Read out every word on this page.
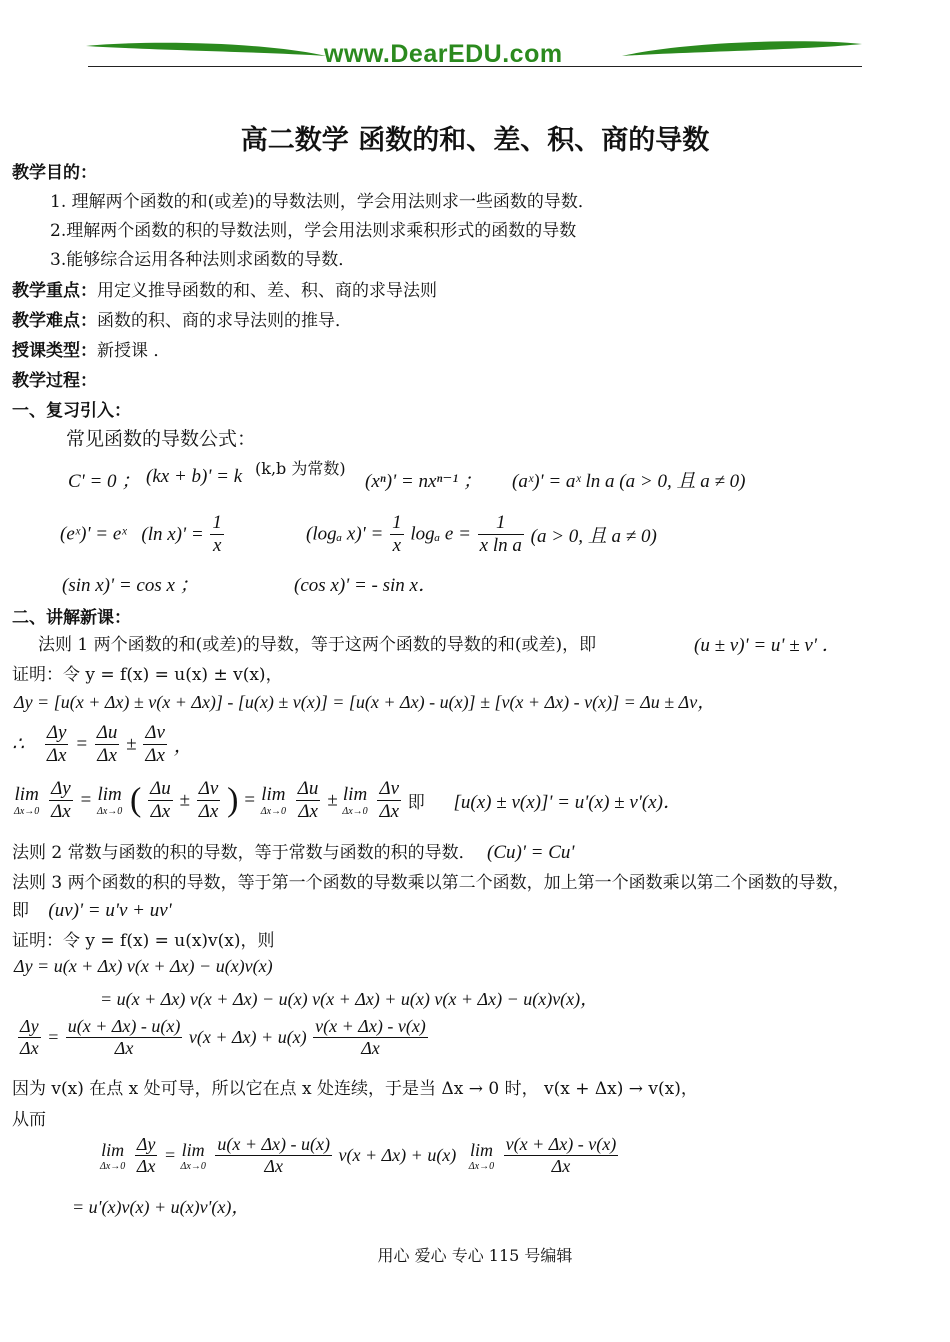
www.DearEDU.com
高二数学 函数的和、差、积、商的导数
教学目的：
1. 理解两个函数的和(或差)的导数法则，学会用法则求一些函数的导数．
2.理解两个函数的积的导数法则，学会用法则求乘积形式的函数的导数
3.能够综合运用各种法则求函数的导数．
教学重点：用定义推导函数的和、差、积、商的求导法则
教学难点：函数的积、商的求导法则的推导．
授课类型：新授课 ．
教学过程：
一、复习引入：
常见函数的导数公式：
C' = 0 ； (kx + b)' = k (k,b 为常数)
(xⁿ)' = nxⁿ⁻¹ ； (aˣ)' = aˣ ln a (a > 0, 且 a ≠ 0)
(eˣ)' = eˣ (ln $x)' = \frac{1}{x}$	(logₐ $x)' = \frac{1}{x}$ logₐ $e = \frac{1}{\text{x ln a}} (a > 0$, 且 a ≠ 0)
(sin x)' = cos x ；	(cos x)' = - sin x．
二、讲解新课：
法则 1 两个函数的和(或差)的导数，等于这两个函数的导数的和(或差)，即	(u ± v)' = u' ± v' ．
证明：令 y = f(x) = u(x) ± v(x)，
Δy = [u(x + Δx) ± v(x + Δx)] - [u(x) ± v(x)] = [u(x + Δx) - u(x)] ± [v(x + Δx) - v(x)] = Δu ± Δv，
∴ $\frac{\Delta y}{\Delta x} = \frac{\Delta u}{\Delta x} \pm \frac{\Delta v}{\Delta x}$ ，
lim
Δx→0
$\frac{\Delta y}{\Delta x} = \lim$
Δx→0 ( $\frac{\Delta u}{\Delta x} \pm \frac{\Delta v}{\Delta x}$ ) = lim
Δx→0
$\frac{\Delta u}{\Delta x} \pm \lim$
Δx→0
$\frac{\Delta v}{\Delta x}$ 即 [u(x) ± v(x)]' = u'(x) ± v'(x)．
法则 2 常数与函数的积的导数，等于常数与函数的积的导数． (Cu)' = Cu'
法则 3 两个函数的积的导数，等于第一个函数的导数乘以第二个函数，加上第一个函数乘以第二个函数的导数，
即 (uv)' = u'v + uv'
证明：令 y = f(x) = u(x)v(x)，则
Δy = u(x + Δx) v(x + Δx) − u(x)v(x)
= u(x + Δx) v(x + Δx) − u(x) v(x + Δx) + u(x) v(x + Δx) − u(x)v(x)，
$\frac{\Delta y}{\Delta x} = \frac{u(x + \Delta x) - u(x)}{\Delta x} v(x + \Delta x) + u(x) \frac{v(x + \Delta x) - v(x)}{\Delta x}$
因为 v(x) 在点 x 处可导，所以它在点 x 处连续，于是当 Δx → 0 时， v(x + Δx) → v(x)，
从而
lim
Δx→0
$\frac{\Delta y}{\Delta x} = \lim$
Δx→0
$\frac{u(x + \Delta x) - u(x)}{\Delta x} v(x + \Delta x) + u(x)$ lim
Δx→0
$\frac{v(x + \Delta x) - v(x)}{\Delta x}$
= u'(x)v(x) + u(x)v'(x)，
用心 爱心 专心 115 号编辑
